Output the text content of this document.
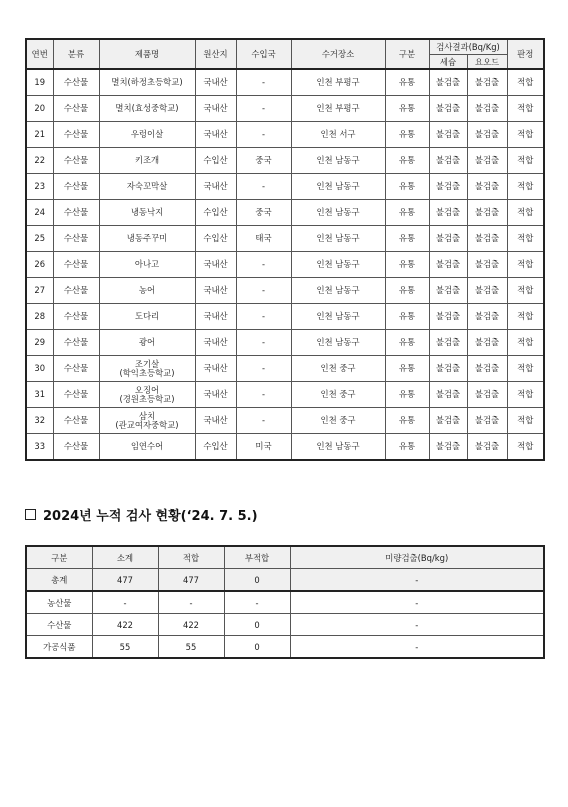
연번	분류	제품명	원산지	수입국	수거장소	구분	검사결과(Bq/Kg)		판정
							세슘	요오드	
19	수산물	멸치(하정초등학교)	국내산	-	인천 부평구	유통	불검출	불검출	적합
20	수산물	멸치(효성중학교)	국내산	-	인천 부평구	유통	불검출	불검출	적합
21	수산물	우렁이살	국내산	-	인천 서구	유통	불검출	불검출	적합
22	수산물	키조개	수입산	중국	인천 남동구	유통	불검출	불검출	적합
23	수산물	자숙꼬막살	국내산	-	인천 남동구	유통	불검출	불검출	적합
24	수산물	냉동낙지	수입산	중국	인천 남동구	유통	불검출	불검출	적합
25	수산물	냉동주꾸미	수입산	태국	인천 남동구	유통	불검출	불검출	적합
26	수산물	아나고	국내산	-	인천 남동구	유통	불검출	불검출	적합
27	수산물	농어	국내산	-	인천 남동구	유통	불검출	불검출	적합
28	수산물	도다리	국내산	-	인천 남동구	유통	불검출	불검출	적합
29	수산물	광어	국내산	-	인천 남동구	유통	불검출	불검출	적합
30	수산물	조기살
(학익초등학교)	국내산	-	인천 중구	유통	불검출	불검출	적합
31	수산물	오징어
(경원초등학교)	국내산	-	인천 중구	유통	불검출	불검출	적합
32	수산물	삼치
(관교여자중학교)	국내산	-	인천 중구	유통	불검출	불검출	적합
33	수산물	임연수어	수입산	미국	인천 남동구	유통	불검출	불검출	적합
2024년 누적 검사 현황(‘24. 7. 5.)
구분	소계	적합	부적합	미량검출(Bq/kg)
총계	477	477	0	-
농산물	-	-	-	-
수산물	422	422	0	-
가공식품	55	55	0	-
